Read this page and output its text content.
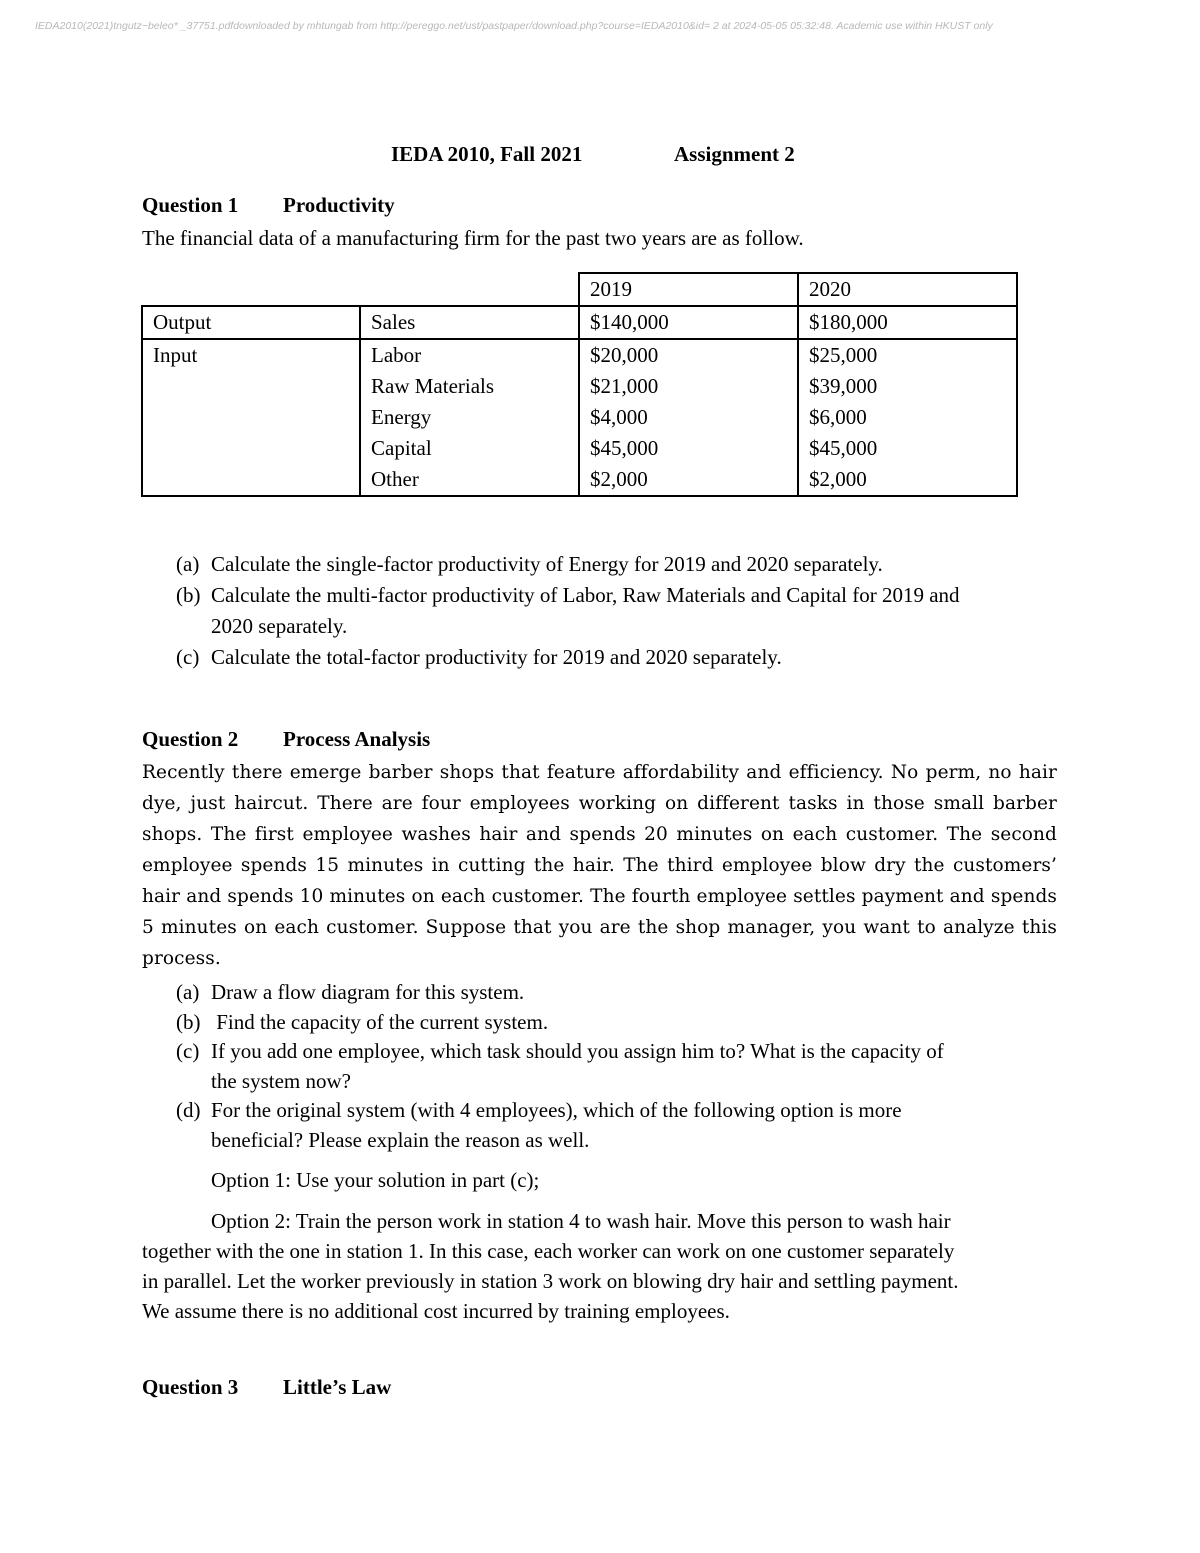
IEDA2010(2021)tngutz~beleo* _37751.pdfdownloaded by mhtungab from http://pereggo.net/ust/pastpaper/download.php?course=IEDA2010&id= 2 at 2024-05-05 05:32:48. Academic use within HKUST only
IEDA 2010, Fall 2021	Assignment 2
Question 1 Productivity
The financial data of a manufacturing firm for the past two years are as follow.
		2019	2020
Output	Sales	$140,000	$180,000
Input	Labor	$20,000	$25,000
	Raw Materials	$21,000	$39,000
	Energy	$4,000	$6,000
	Capital	$45,000	$45,000
	Other	$2,000	$2,000
(a) Calculate the single-factor productivity of Energy for 2019 and 2020 separately.
(b) Calculate the multi-factor productivity of Labor, Raw Materials and Capital for 2019 and
2020 separately.
(c) Calculate the total-factor productivity for 2019 and 2020 separately.
Question 2 Process Analysis
Recently there emerge barber shops that feature affordability and efficiency. No perm, no hair dye, just haircut. There are four employees working on different tasks in those small barber shops. The first employee washes hair and spends 20 minutes on each customer. The second employee spends 15 minutes in cutting the hair. The third employee blow dry the customers’ hair and spends 10 minutes on each customer. The fourth employee settles payment and spends 5 minutes on each customer. Suppose that you are the shop manager, you want to analyze this process.
(a) Draw a flow diagram for this system.
(b) Find the capacity of the current system.
(c) If you add one employee, which task should you assign him to? What is the capacity of
the system now?
(d) For the original system (with 4 employees), which of the following option is more
beneficial? Please explain the reason as well.
Option 1: Use your solution in part (c);
Option 2: Train the person work in station 4 to wash hair. Move this person to wash hair
together with the one in station 1. In this case, each worker can work on one customer separately
in parallel. Let the worker previously in station 3 work on blowing dry hair and settling payment.
We assume there is no additional cost incurred by training employees.
Question 3 Little’s Law
